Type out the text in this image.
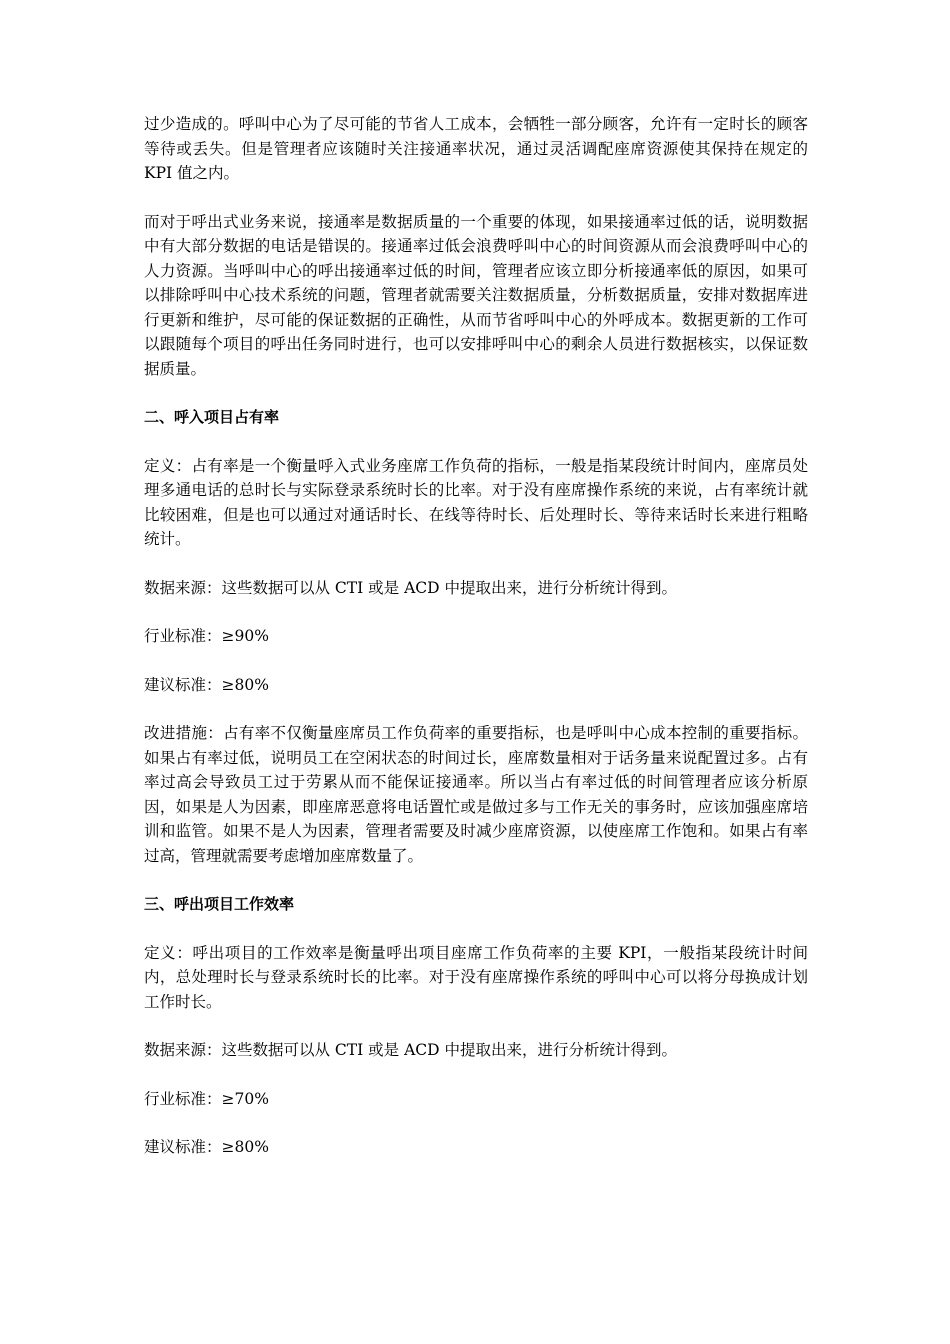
过少造成的。呼叫中心为了尽可能的节省人工成本，会牺牲一部分顾客，允许有一定时长的顾客等待或丢失。但是管理者应该随时关注接通率状况，通过灵活调配座席资源使其保持在规定的 KPI 值之内。

而对于呼出式业务来说，接通率是数据质量的一个重要的体现，如果接通率过低的话，说明数据中有大部分数据的电话是错误的。接通率过低会浪费呼叫中心的时间资源从而会浪费呼叫中心的人力资源。当呼叫中心的呼出接通率过低的时间，管理者应该立即分析接通率低的原因，如果可以排除呼叫中心技术系统的问题，管理者就需要关注数据质量，分析数据质量，安排对数据库进行更新和维护，尽可能的保证数据的正确性，从而节省呼叫中心的外呼成本。数据更新的工作可以跟随每个项目的呼出任务同时进行，也可以安排呼叫中心的剩余人员进行数据核实，以保证数据质量。

二、呼入项目占有率

定义：占有率是一个衡量呼入式业务座席工作负荷的指标，一般是指某段统计时间内，座席员处理多通电话的总时长与实际登录系统时长的比率。对于没有座席操作系统的来说，占有率统计就比较困难，但是也可以通过对通话时长、在线等待时长、后处理时长、等待来话时长来进行粗略统计。

数据来源：这些数据可以从 CTI 或是 ACD 中提取出来，进行分析统计得到。

行业标准：≥90%

建议标准：≥80%

改进措施：占有率不仅衡量座席员工作负荷率的重要指标，也是呼叫中心成本控制的重要指标。如果占有率过低，说明员工在空闲状态的时间过长，座席数量相对于话务量来说配置过多。占有率过高会导致员工过于劳累从而不能保证接通率。所以当占有率过低的时间管理者应该分析原因，如果是人为因素，即座席恶意将电话置忙或是做过多与工作无关的事务时，应该加强座席培训和监管。如果不是人为因素，管理者需要及时减少座席资源，以使座席工作饱和。如果占有率过高，管理就需要考虑增加座席数量了。

三、呼出项目工作效率

定义：呼出项目的工作效率是衡量呼出项目座席工作负荷率的主要 KPI，一般指某段统计时间内，总处理时长与登录系统时长的比率。对于没有座席操作系统的呼叫中心可以将分母换成计划工作时长。

数据来源：这些数据可以从 CTI 或是 ACD 中提取出来，进行分析统计得到。

行业标准：≥70%

建议标准：≥80%
